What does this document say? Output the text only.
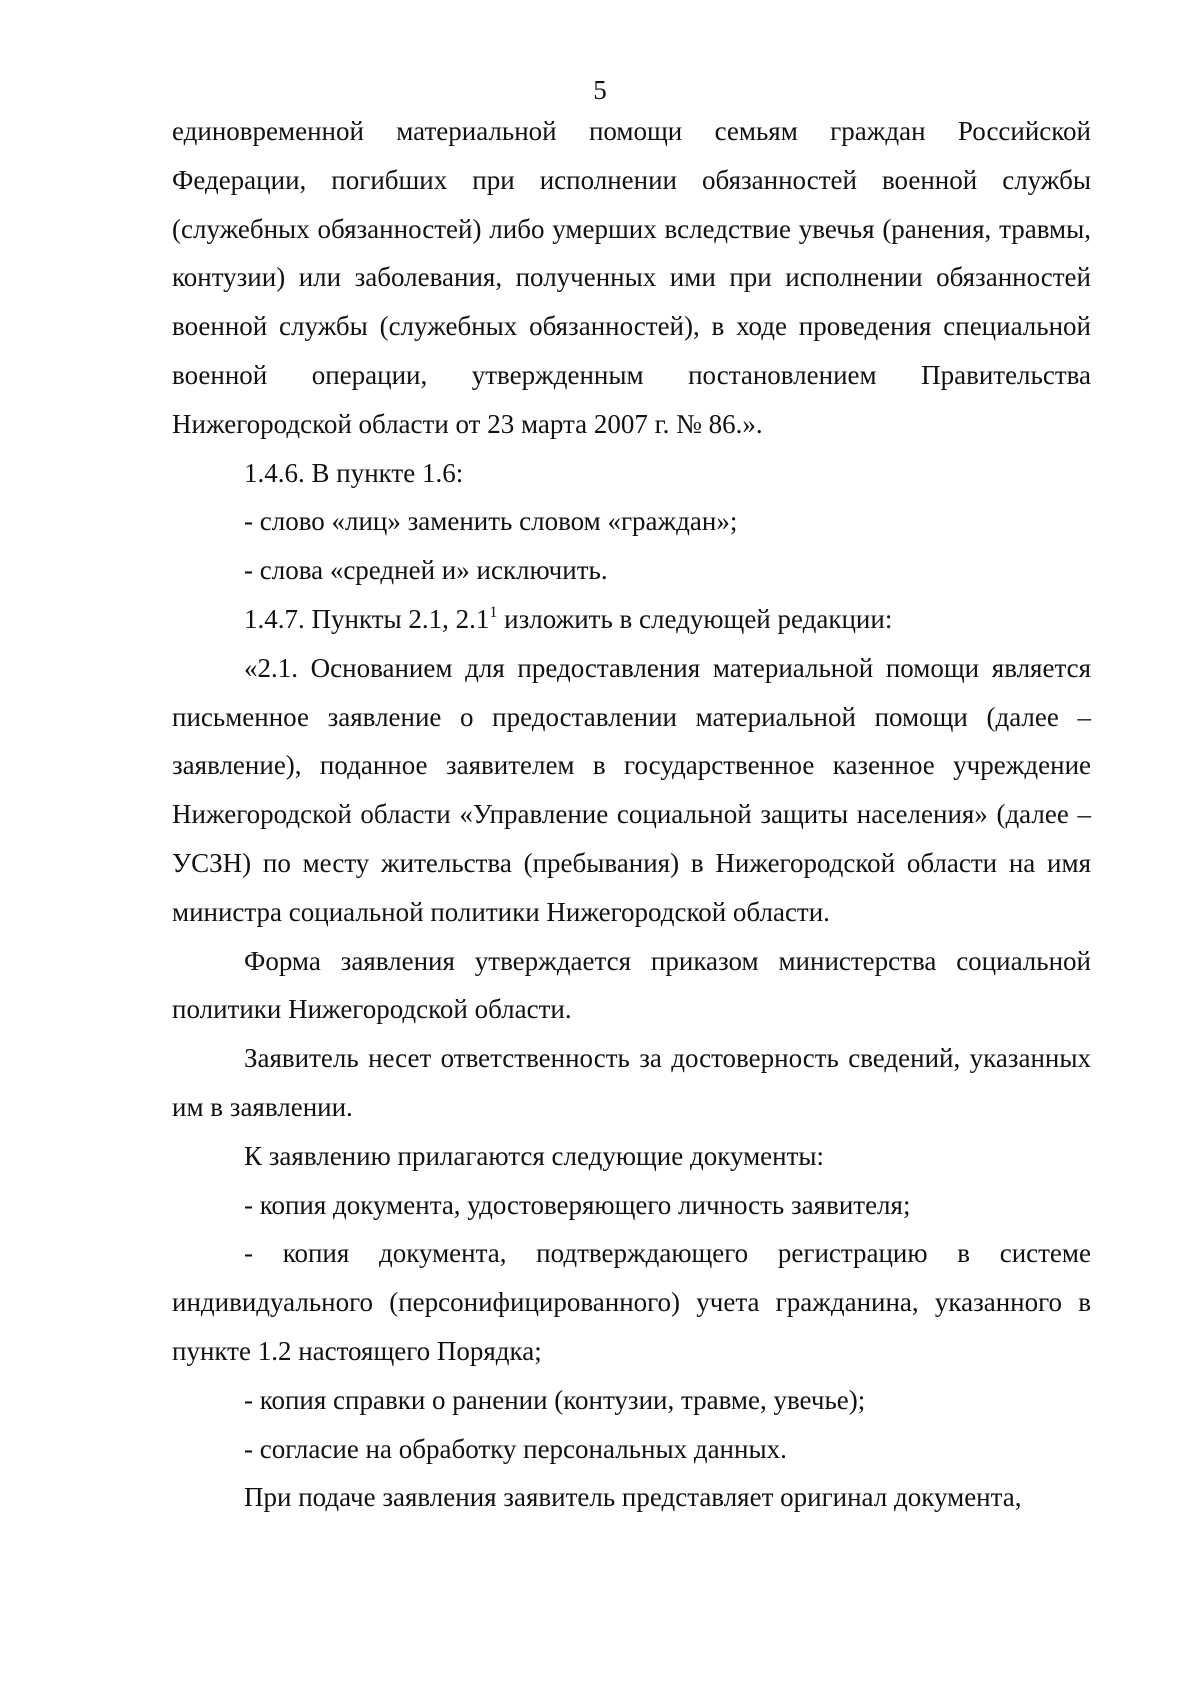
5

единовременной материальной помощи семьям граждан Российской Федерации, погибших при исполнении обязанностей военной службы (служебных обязанностей) либо умерших вследствие увечья (ранения, травмы, контузии) или заболевания, полученных ими при исполнении обязанностей военной службы (служебных обязанностей), в ходе проведения специальной военной операции, утвержденным постановлением Правительства Нижегородской области от 23 марта 2007 г. № 86.».

1.4.6. В пункте 1.6:

- слово «лиц» заменить словом «граждан»;

- слова «средней и» исключить.

1.4.7. Пункты 2.1, $2.1^1$ изложить в следующей редакции:

«2.1. Основанием для предоставления материальной помощи является письменное заявление о предоставлении материальной помощи (далее – заявление), поданное заявителем в государственное казенное учреждение Нижегородской области «Управление социальной защиты населения» (далее – УСЗН) по месту жительства (пребывания) в Нижегородской области на имя министра социальной политики Нижегородской области.

Форма заявления утверждается приказом министерства социальной политики Нижегородской области.

Заявитель несет ответственность за достоверность сведений, указанных им в заявлении.

К заявлению прилагаются следующие документы:

- копия документа, удостоверяющего личность заявителя;

- копия документа, подтверждающего регистрацию в системе индивидуального (персонифицированного) учета гражданина, указанного в пункте 1.2 настоящего Порядка;

- копия справки о ранении (контузии, травме, увечье);

- согласие на обработку персональных данных.

При подаче заявления заявитель представляет оригинал документа,
